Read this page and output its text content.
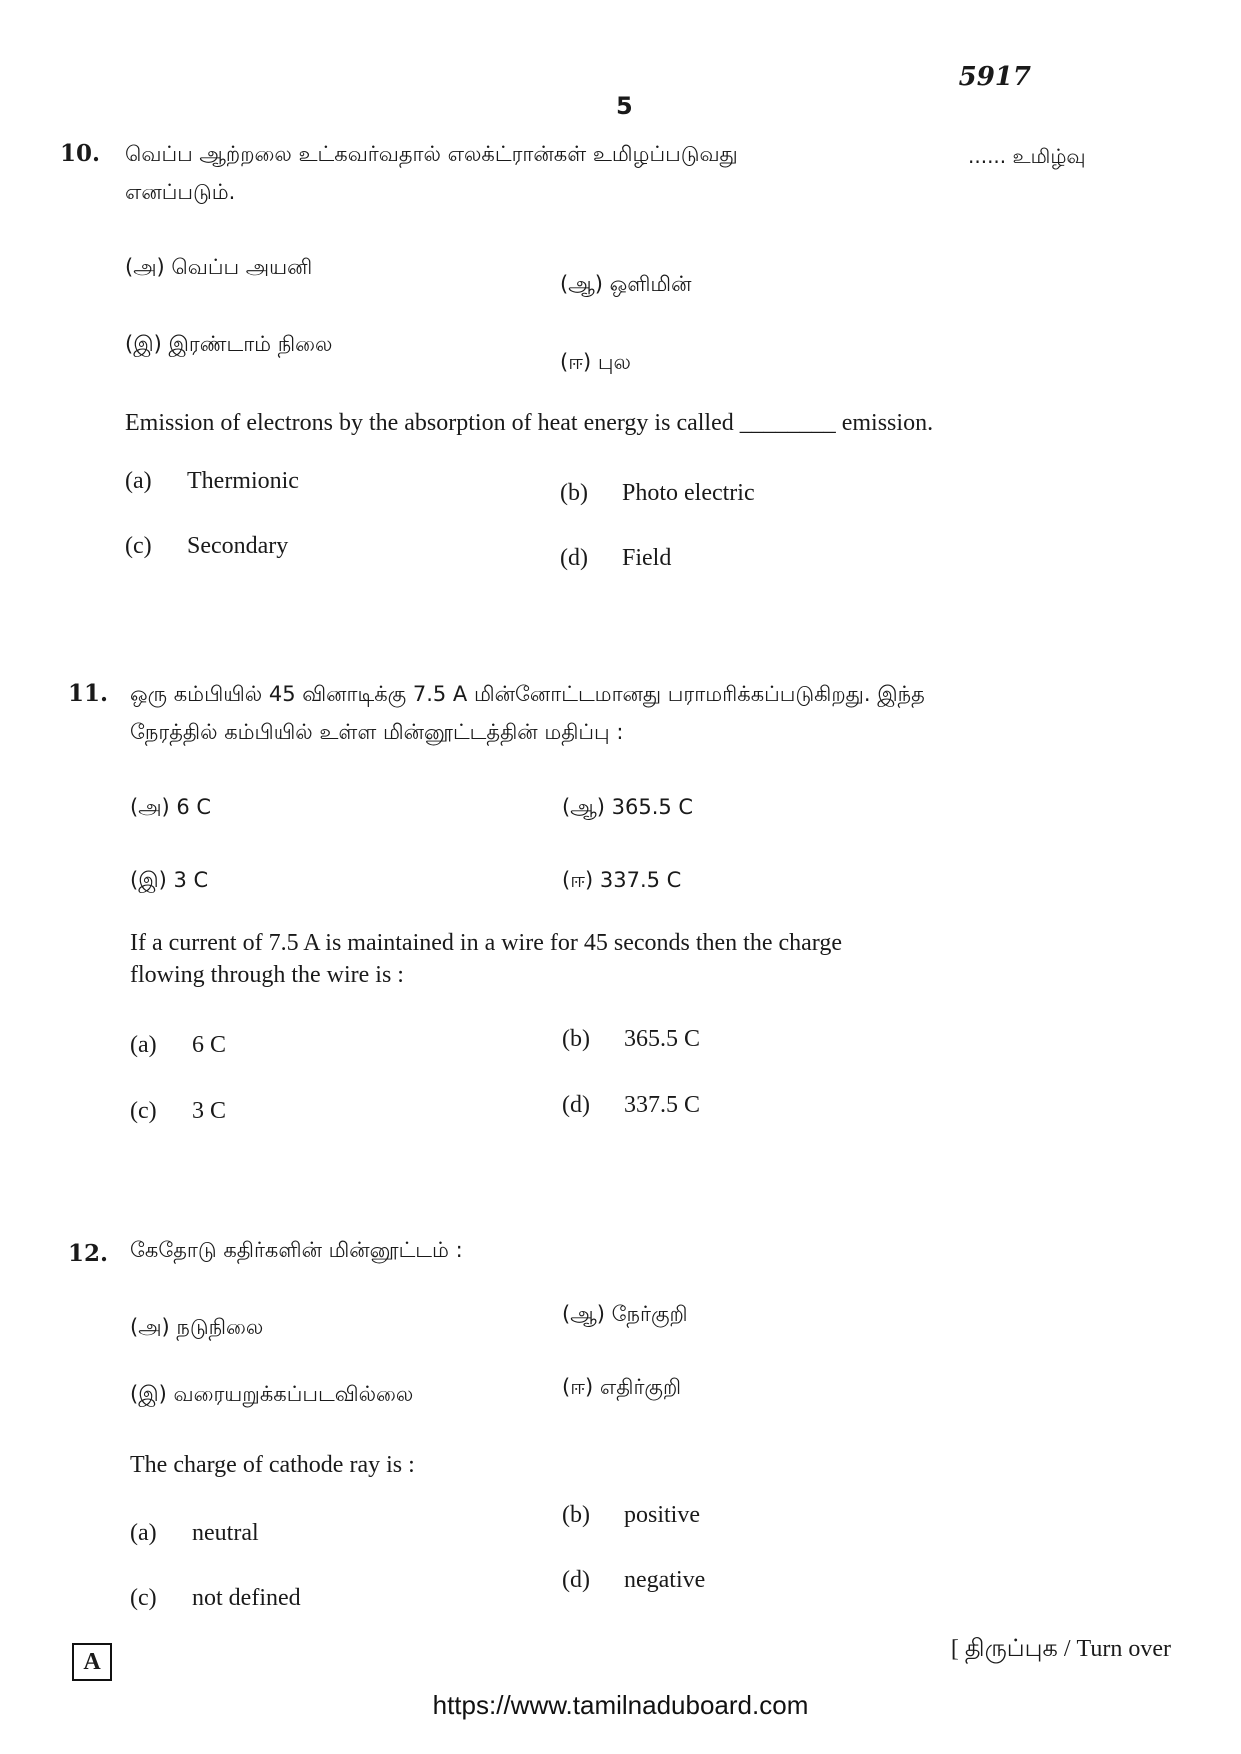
5917
5
10. வெப்ப ஆற்றலை உட்கவர்வதால் எலக்ட்ரான்கள் உமிழப்படுவது	...... உமிழ்வு
எனப்படும்.
(அ) வெப்ப அயனி
(ஆ) ஒளிமின்
(இ) இரண்டாம் நிலை
(ஈ) புல
Emission of electrons by the absorption of heat energy is called ________ emission.
(a) Thermionic	(b) Photo electric
(c) Secondary	(d) Field
11. ஒரு கம்பியில் 45 வினாடிக்கு 7.5 A மின்னோட்டமானது பராமரிக்கப்படுகிறது. இந்த
நேரத்தில் கம்பியில் உள்ள மின்னூட்டத்தின் மதிப்பு :
(அ) 6 C	(ஆ) 365.5 C
(இ) 3 C	(ஈ) 337.5 C
If a current of 7.5 A is maintained in a wire for 45 seconds then the charge
flowing through the wire is :
(a) 6 C	(b) 365.5 C
(c) 3 C	(d) 337.5 C
12. கேதோடு கதிர்களின் மின்னூட்டம் :
(அ) நடுநிலை
(ஆ) நேர்குறி
(இ) வரையறுக்கப்படவில்லை	(ஈ) எதிர்குறி
The charge of cathode ray is :
(a) neutral
(b) positive
(c) not defined
(d) negative
A	[ திருப்புக / Turn over
https://www.tamilnaduboard.com
